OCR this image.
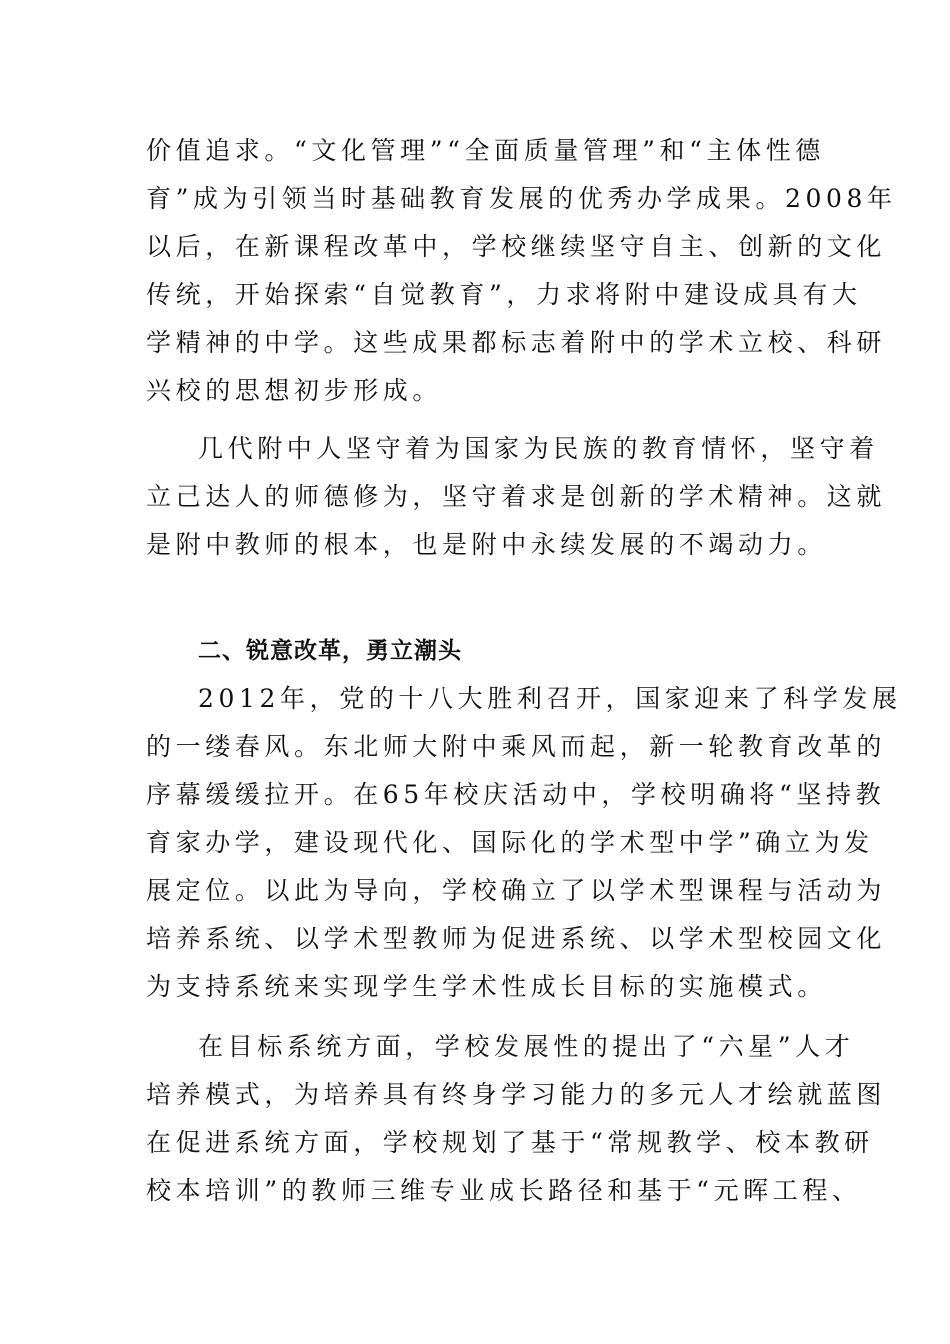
价值追求。“文化管理”“全面质量管理”和“主体性德
育”成为引领当时基础教育发展的优秀办学成果。2008年
以后，在新课程改革中，学校继续坚守自主、创新的文化
传统，开始探索“自觉教育”，力求将附中建设成具有大
学精神的中学。这些成果都标志着附中的学术立校、科研
兴校的思想初步形成。
几代附中人坚守着为国家为民族的教育情怀，坚守着
立己达人的师德修为，坚守着求是创新的学术精神。这就
是附中教师的根本，也是附中永续发展的不竭动力。
二、锐意改革，勇立潮头
2012年，党的十八大胜利召开，国家迎来了科学发展
的一缕春风。东北师大附中乘风而起，新一轮教育改革的
序幕缓缓拉开。在65年校庆活动中，学校明确将“坚持教
育家办学，建设现代化、国际化的学术型中学”确立为发
展定位。以此为导向，学校确立了以学术型课程与活动为
培养系统、以学术型教师为促进系统、以学术型校园文化
为支持系统来实现学生学术性成长目标的实施模式。
在目标系统方面，学校发展性的提出了“六星”人才
培养模式，为培养具有终身学习能力的多元人才绘就蓝图
在促进系统方面，学校规划了基于“常规教学、校本教研
校本培训”的教师三维专业成长路径和基于“元晖工程、
